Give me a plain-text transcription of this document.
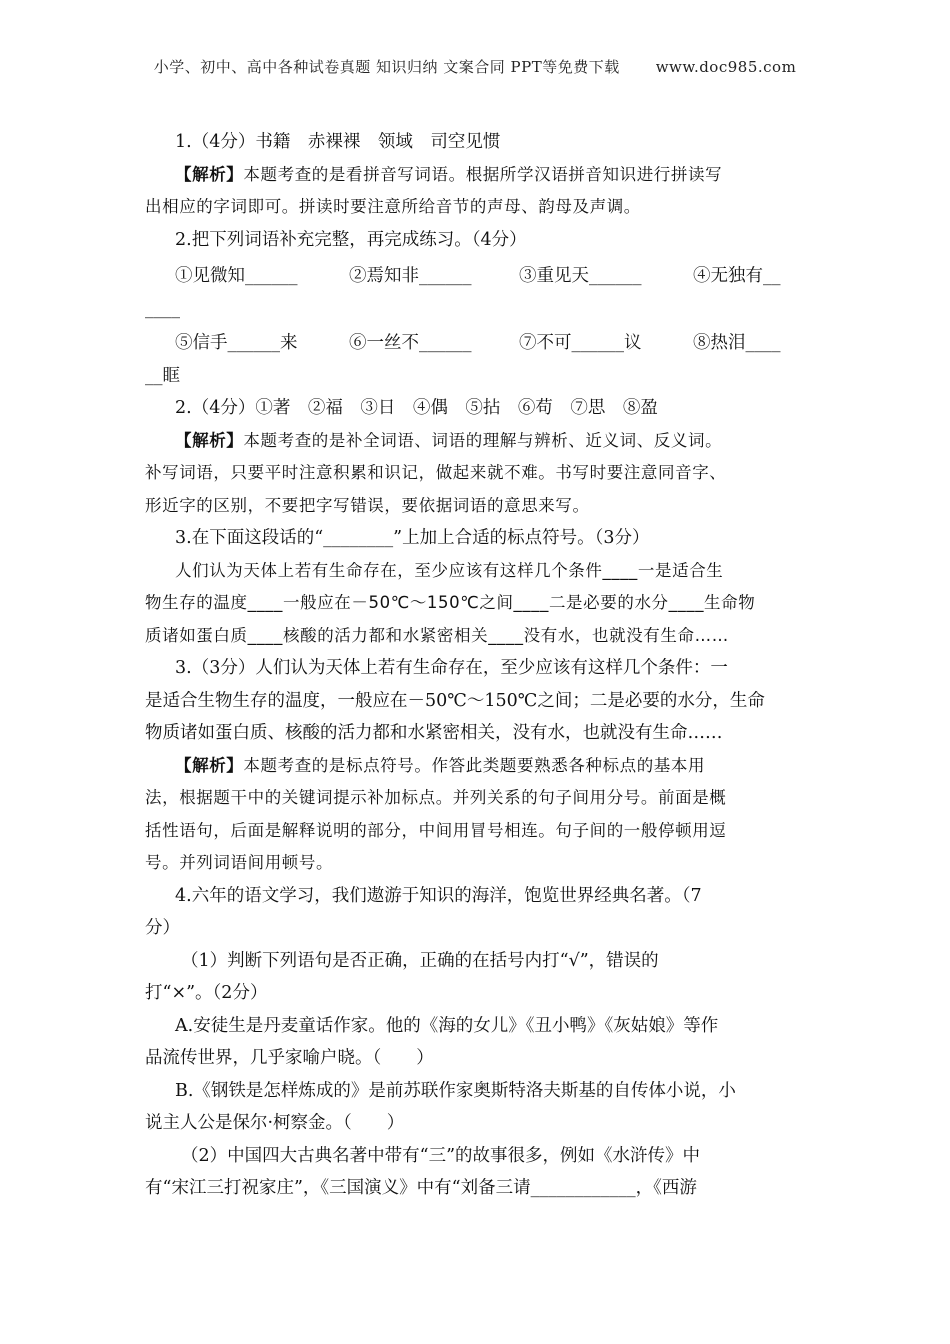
小学、初中、高中各种试卷真题 知识归纳 文案合同 PPT等免费下载 www.doc985.com

1.（4分）书籍　赤裸裸　领域　司空见惯

【解析】本题考查的是看拼音写词语。根据所学汉语拼音知识进行拼读写

出相应的字词即可。拼读时要注意所给音节的声母、韵母及声调。

2.把下列词语补充完整，再完成练习。（4分）

①见微知______	②焉知非______	③重见天______	④无独有__

____

⑤信手______来	⑥一丝不______	⑦不可______议	⑧热泪____

__眶

2.（4分）①著　②福　③日　④偶　⑤拈　⑥苟　⑦思　⑧盈

【解析】本题考查的是补全词语、词语的理解与辨析、近义词、反义词。

补写词语，只要平时注意积累和识记，做起来就不难。书写时要注意同音字、

形近字的区别，不要把字写错误，要依据词语的意思来写。

3.在下面这段话的“________”上加上合适的标点符号。（3分）

人们认为天体上若有生命存在，至少应该有这样几个条件____一是适合生

物生存的温度____一般应在－50℃～150℃之间____二是必要的水分____生命物

质诸如蛋白质____核酸的活力都和水紧密相关____没有水，也就没有生命……

3.（3分）人们认为天体上若有生命存在，至少应该有这样几个条件：一

是适合生物生存的温度，一般应在－50℃～150℃之间；二是必要的水分，生命

物质诸如蛋白质、核酸的活力都和水紧密相关，没有水，也就没有生命……

【解析】本题考查的是标点符号。作答此类题要熟悉各种标点的基本用

法，根据题干中的关键词提示补加标点。并列关系的句子间用分号。前面是概

括性语句，后面是解释说明的部分，中间用冒号相连。句子间的一般停顿用逗

号。并列词语间用顿号。

4.六年的语文学习，我们遨游于知识的海洋，饱览世界经典名著。（7

分）

（1）判断下列语句是否正确，正确的在括号内打“√”，错误的

打“×”。（2分）

A.安徒生是丹麦童话作家。他的《海的女儿》《丑小鸭》《灰姑娘》等作

品流传世界，几乎家喻户晓。（　　）

B.《钢铁是怎样炼成的》是前苏联作家奥斯特洛夫斯基的自传体小说，小

说主人公是保尔·柯察金。（　　）

（2）中国四大古典名著中带有“三”的故事很多，例如《水浒传》中

有“宋江三打祝家庄”，《三国演义》中有“刘备三请____________，《西游
